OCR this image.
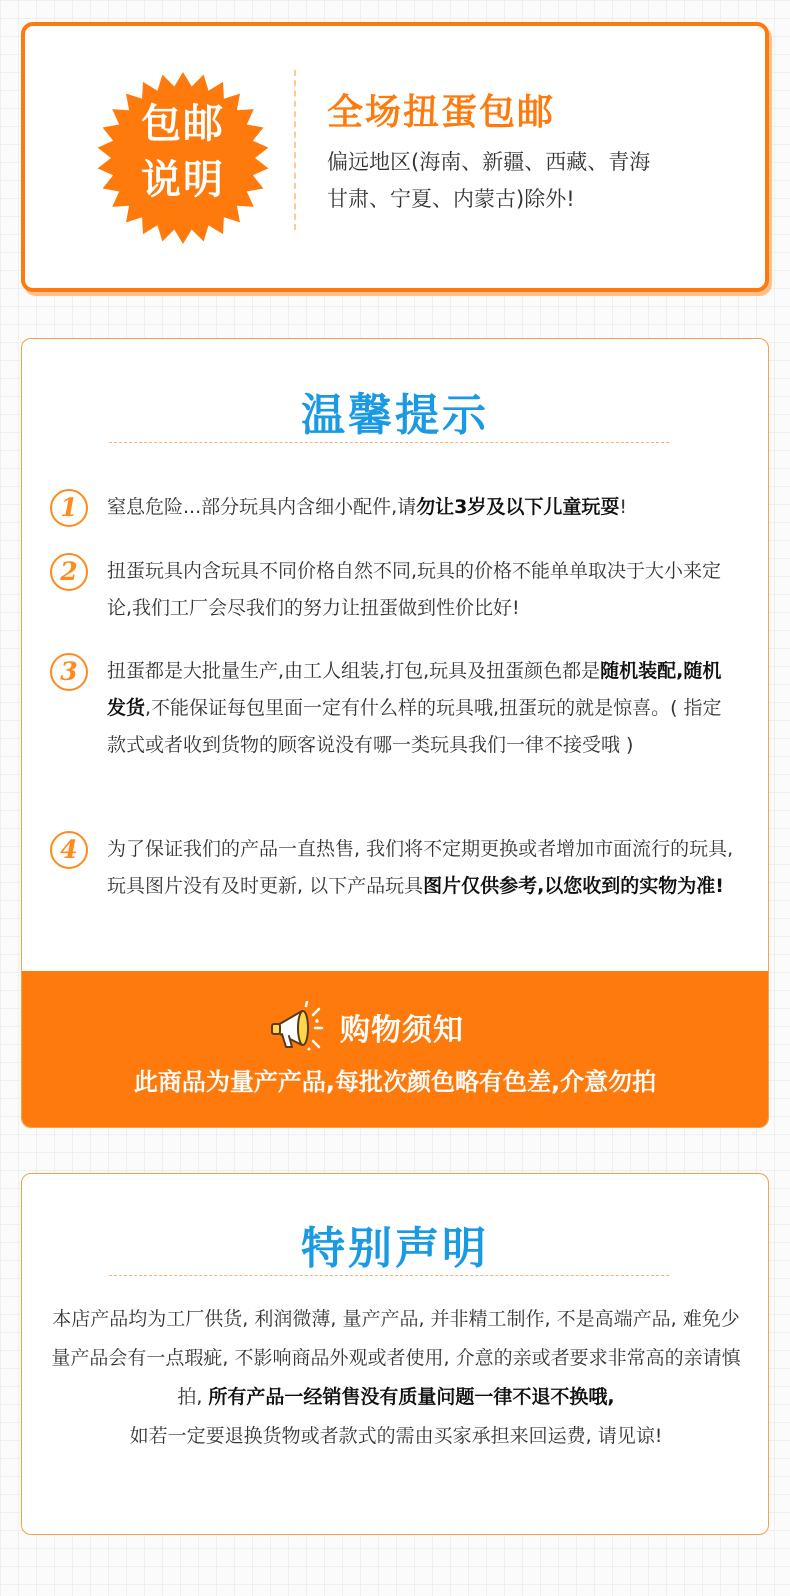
包邮
说明
全场扭蛋包邮
偏远地区(海南、新疆、西藏、青海
甘肃、宁夏、内蒙古)除外!
温馨提示
1	窒息危险...部分玩具内含细小配件,请勿让3岁及以下儿童玩耍!

2	扭蛋玩具内含玩具不同价格自然不同,玩具的价格不能单单取决于大小来定论,我们工厂会尽我们的努力让扭蛋做到性价比好!

3	扭蛋都是大批量生产,由工人组装,打包,玩具及扭蛋颜色都是随机装配,随机发货,不能保证每包里面一定有什么样的玩具哦,扭蛋玩的就是惊喜。( 指定款式或者收到货物的顾客说没有哪一类玩具我们一律不接受哦 )

4	为了保证我们的产品一直热售, 我们将不定期更换或者增加市面流行的玩具, 玩具图片没有及时更新, 以下产品玩具图片仅供参考,以您收到的实物为准!

购物须知

此商品为量产产品,每批次颜色略有色差,介意勿拍

特别声明

本店产品均为工厂供货, 利润微薄, 量产产品, 并非精工制作, 不是高端产品, 难免少量产品会有一点瑕疵, 不影响商品外观或者使用, 介意的亲或者要求非常高的亲请慎拍, 所有产品一经销售没有质量问题一律不退不换哦,
如若一定要退换货物或者款式的需由买家承担来回运费, 请见谅!
